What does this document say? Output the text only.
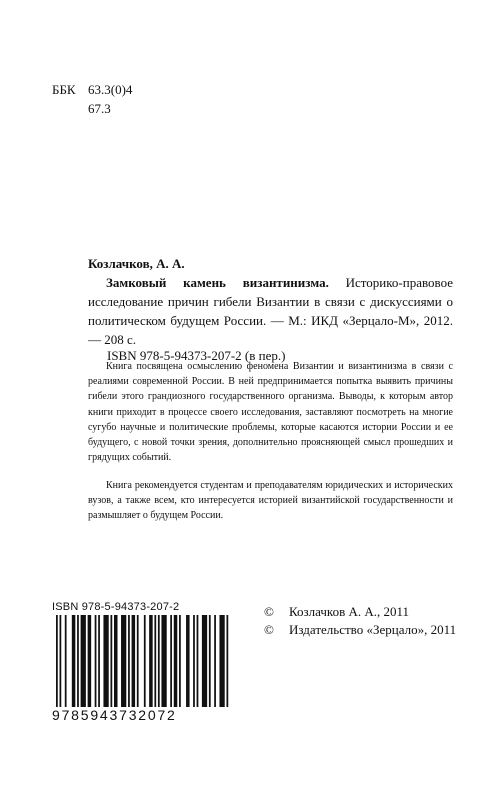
ББК 63.3(0)4
67.3
Козлачков, А. А.
Замковый камень византинизма. Историко-правовое исследование причин гибели Византии в связи с дискуссиями о политическом будущем России. — М.: ИКД «Зерцало-М», 2012. — 208 с.
ISBN 978-5-94373-207-2 (в пер.)
Книга посвящена осмыслению феномена Византии и византинизма в связи с реалиями современной России. В ней предпринимается попытка выявить причины гибели этого грандиозного государственного организма. Выводы, к которым автор книги приходит в процессе своего исследования, заставляют посмотреть на многие сугубо научные и политические проблемы, которые касаются истории России и ее будущего, с новой точки зрения, дополнительно проясняющей смысл прошедших и грядущих событий.
Книга рекомендуется студентам и преподавателям юридических и исторических вузов, а также всем, кто интересуется историей византийской государственности и размышляет о будущем России.
ISBN 978-5-94373-207-2
9785943732072
© Козлачков А. А., 2011
© Издательство «Зерцало», 2011
